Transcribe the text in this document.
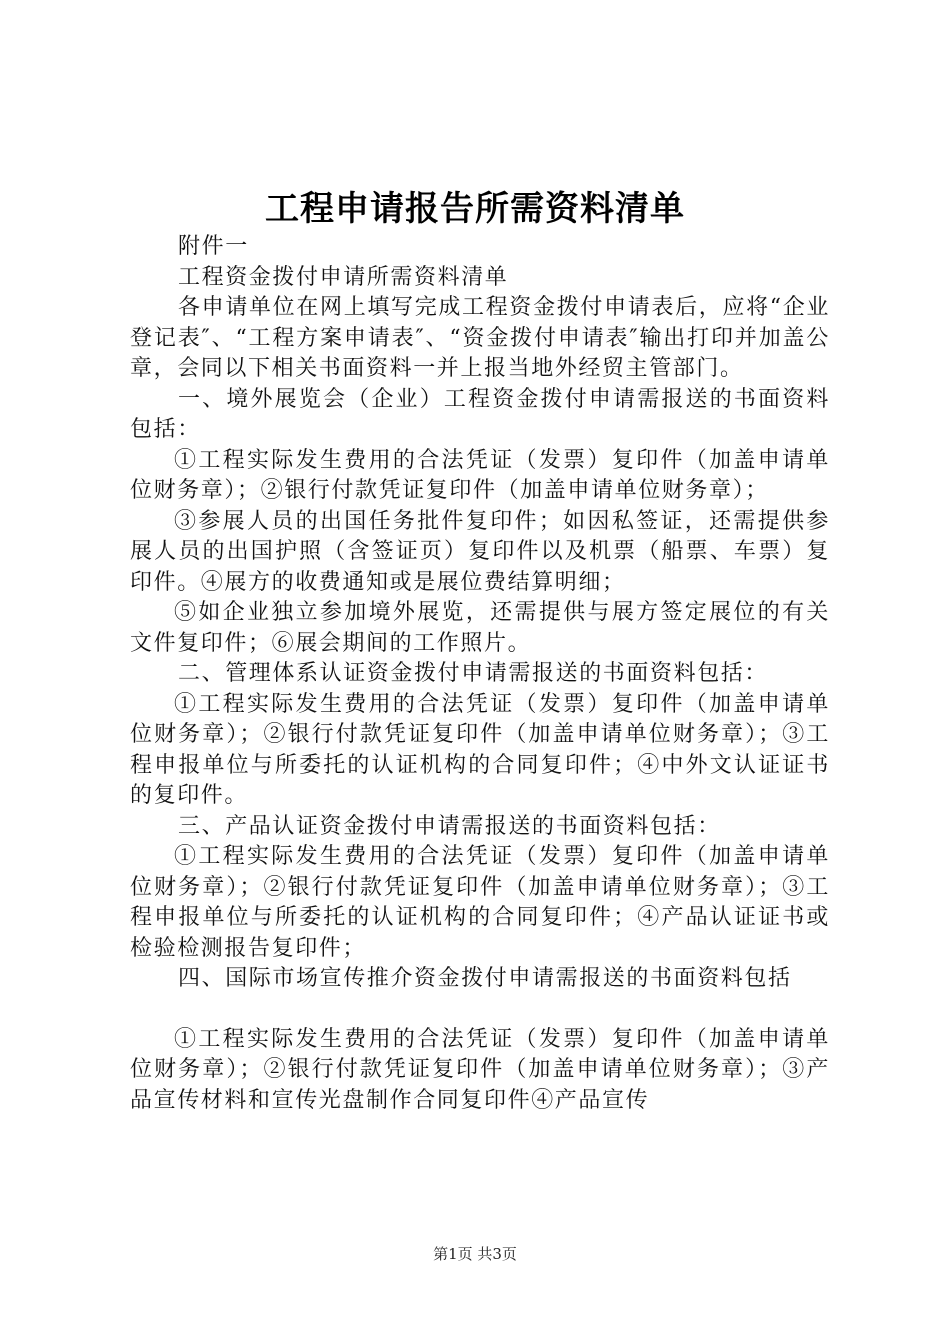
工程申请报告所需资料清单

附件一

工程资金拨付申请所需资料清单

各申请单位在网上填写完成工程资金拨付申请表后，应将“企业登记表″、“工程方案申请表″、“资金拨付申请表″输出打印并加盖公章，会同以下相关书面资料一并上报当地外经贸主管部门。

一、境外展览会（企业）工程资金拨付申请需报送的书面资料包括：

①工程实际发生费用的合法凭证（发票）复印件（加盖申请单位财务章）；②银行付款凭证复印件（加盖申请单位财务章）；

③参展人员的出国任务批件复印件；如因私签证，还需提供参展人员的出国护照（含签证页）复印件以及机票（船票、车票）复印件。④展方的收费通知或是展位费结算明细；

⑤如企业独立参加境外展览，还需提供与展方签定展位的有关文件复印件；⑥展会期间的工作照片。

二、管理体系认证资金拨付申请需报送的书面资料包括：

①工程实际发生费用的合法凭证（发票）复印件（加盖申请单位财务章）；②银行付款凭证复印件（加盖申请单位财务章）；③工程申报单位与所委托的认证机构的合同复印件；④中外文认证证书的复印件。

三、产品认证资金拨付申请需报送的书面资料包括：

①工程实际发生费用的合法凭证（发票）复印件（加盖申请单位财务章）；②银行付款凭证复印件（加盖申请单位财务章）；③工程申报单位与所委托的认证机构的合同复印件；④产品认证证书或检验检测报告复印件；

四、国际市场宣传推介资金拨付申请需报送的书面资料包括

①工程实际发生费用的合法凭证（发票）复印件（加盖申请单位财务章）；②银行付款凭证复印件（加盖申请单位财务章）；③产品宣传材料和宣传光盘制作合同复印件④产品宣传

第1页 共3页
